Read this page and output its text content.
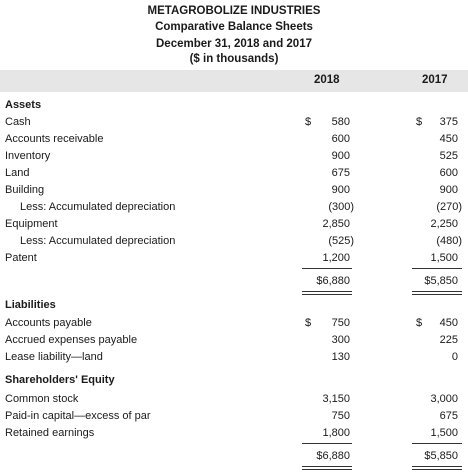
METAGROBOLIZE INDUSTRIES
Comparative Balance Sheets
December 31, 2018 and 2017
($ in thousands)
2018	2017
Assets
Cash	$ 580	$ 375
Accounts receivable	600	450
Inventory	900	525
Land	675	600
Building	900	900
Less: Accumulated depreciation	(300)	(270)
Equipment	2,850	2,250
Less: Accumulated depreciation	(525)	(480)
Patent	1,200	1,500
$6,880	$5,850
Liabilities
Accounts payable	$ 750	$ 450
Accrued expenses payable	300	225
Lease liability—land	130	0
Shareholders' Equity
Common stock	3,150	3,000
Paid-in capital—excess of par	750	675
Retained earnings	1,800	1,500
$6,880	$5,850
